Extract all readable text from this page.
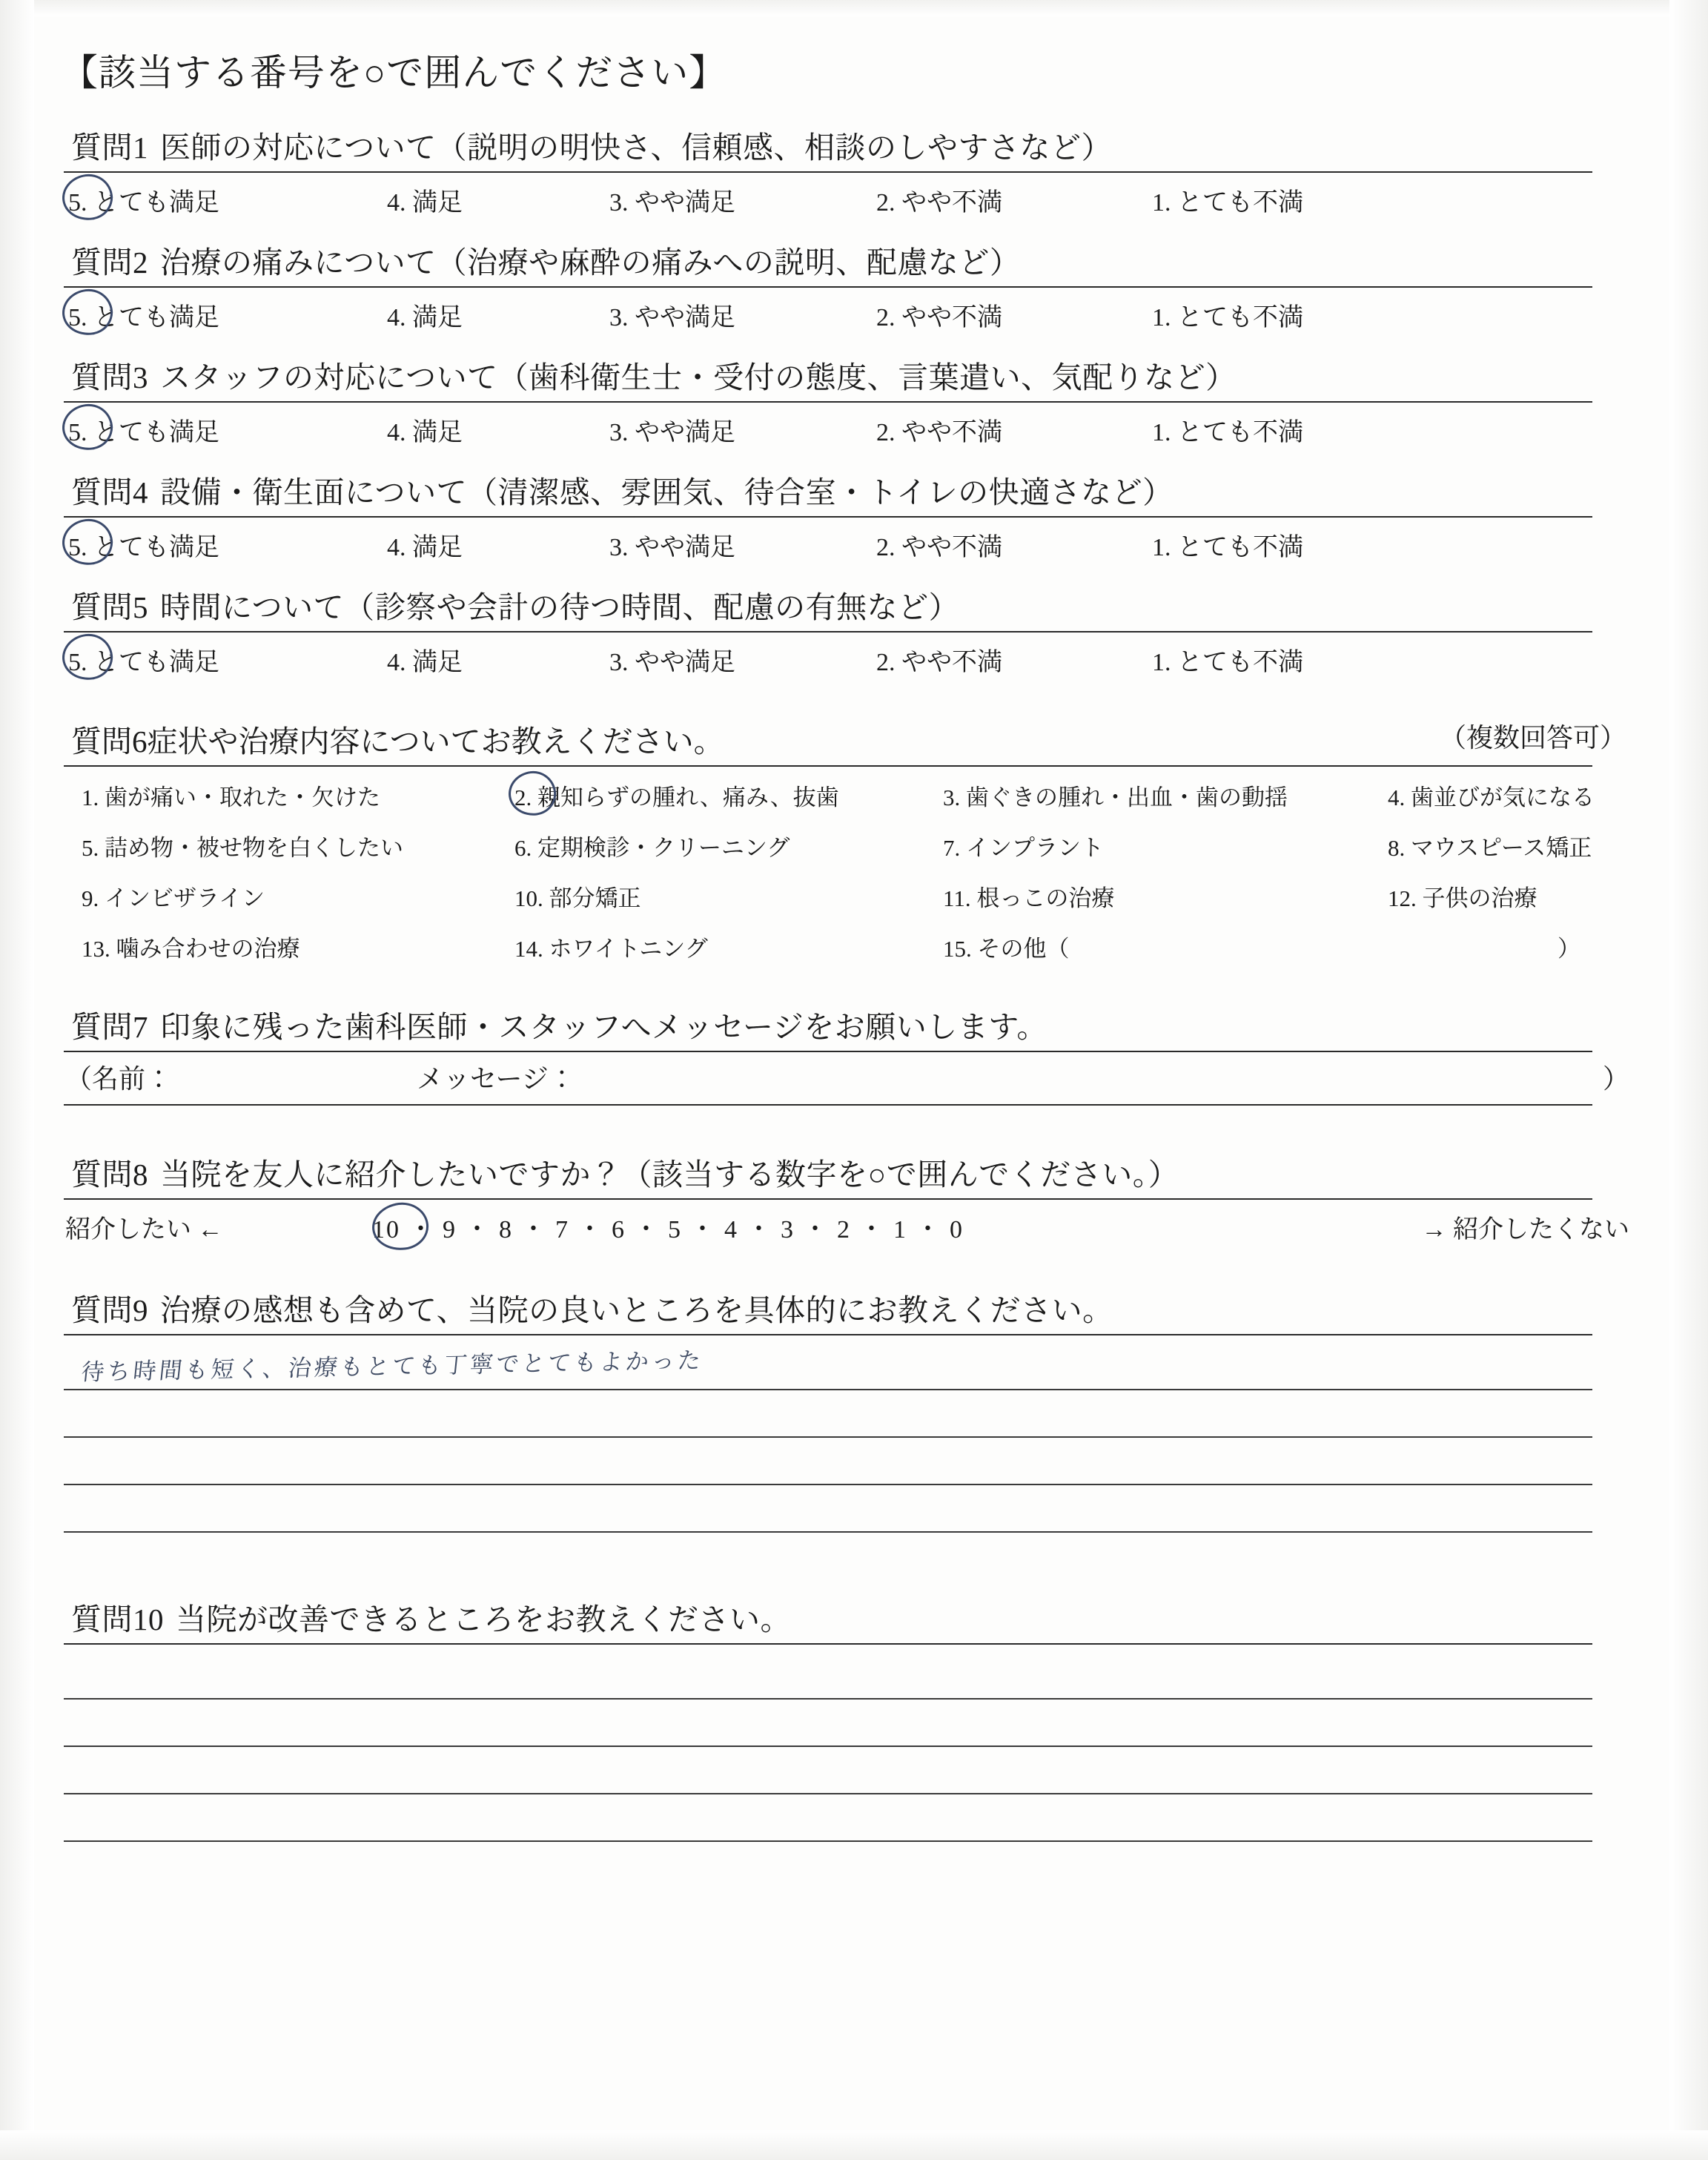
【該当する番号を○で囲んでください】
質問1 医師の対応について（説明の明快さ、信頼感、相談のしやすさなど）
5. とても満足	4. 満足	3. やや満足	2. やや不満	1. とても不満
質問2 治療の痛みについて（治療や麻酔の痛みへの説明、配慮など）
5. とても満足	4. 満足	3. やや満足	2. やや不満	1. とても不満
質問3 スタッフの対応について（歯科衛生士・受付の態度、言葉遣い、気配りなど）
5. とても満足	4. 満足	3. やや満足	2. やや不満	1. とても不満
質問4 設備・衛生面について（清潔感、雰囲気、待合室・トイレの快適さなど）
5. とても満足	4. 満足	3. やや満足	2. やや不満	1. とても不満
質問5 時間について（診察や会計の待つ時間、配慮の有無など）
5. とても満足	4. 満足	3. やや満足	2. やや不満	1. とても不満
質問6症状や治療内容についてお教えください。	（複数回答可）
1. 歯が痛い・取れた・欠けた	2. 親知らずの腫れ、痛み、抜歯	3. 歯ぐきの腫れ・出血・歯の動揺	4. 歯並びが気になる
5. 詰め物・被せ物を白くしたい	6. 定期検診・クリーニング	7. インプラント	8. マウスピース矯正
9. インビザライン	10. 部分矯正	11. 根っこの治療	12. 子供の治療
13. 噛み合わせの治療	14. ホワイトニング	15. その他（	）
質問7 印象に残った歯科医師・スタッフへメッセージをお願いします。
（名前：	メッセージ：	）
質問8 当院を友人に紹介したいですか？（該当する数字を○で囲んでください。）
紹介したい ←	10 ・ 9 ・ 8 ・ 7 ・ 6 ・ 5 ・ 4 ・ 3 ・ 2 ・ 1 ・ 0	→ 紹介したくない
質問9 治療の感想も含めて、当院の良いところを具体的にお教えください。
待ち時間も短く、治療もとても丁寧でとてもよかった
質問10 当院が改善できるところをお教えください。
